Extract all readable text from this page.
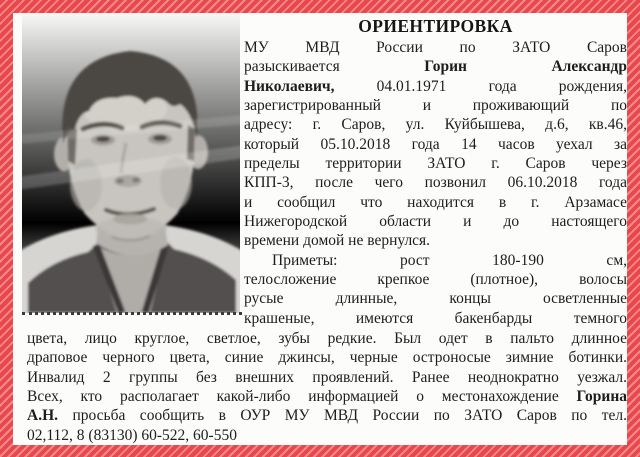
ОРИЕНТИРОВКА
МУ МВД России по ЗАТО Саров
разыскивается Горин Александр
Николаевич, 04.01.1971 года рождения,
зарегистрированный и проживающий по
адресу: г. Саров, ул. Куйбышева, д.6, кв.46,
который 05.10.2018 года 14 часов уехал за
пределы территории ЗАТО г. Саров через
КПП-3, после чего позвонил 06.10.2018 года
и сообщил что находится в г. Арзамасе
Нижегородской области и до настоящего
времени домой не вернулся.
Приметы: рост 180-190 см,
телосложение крепкое (плотное), волосы
русые длинные, концы осветленные
крашеные, имеются бакенбарды темного
цвета, лицо круглое, светлое, зубы редкие. Был одет в пальто длинное
драповое черного цвета, синие джинсы, черные остроносые зимние ботинки.
Инвалид 2 группы без внешних проявлений. Ранее неоднократно уезжал.
Всех, кто располагает какой-либо информацией о местонахождение Горина
А.Н. просьба сообщить в ОУР МУ МВД России по ЗАТО Саров по тел.
02,112, 8 (83130) 60-522, 60-550
